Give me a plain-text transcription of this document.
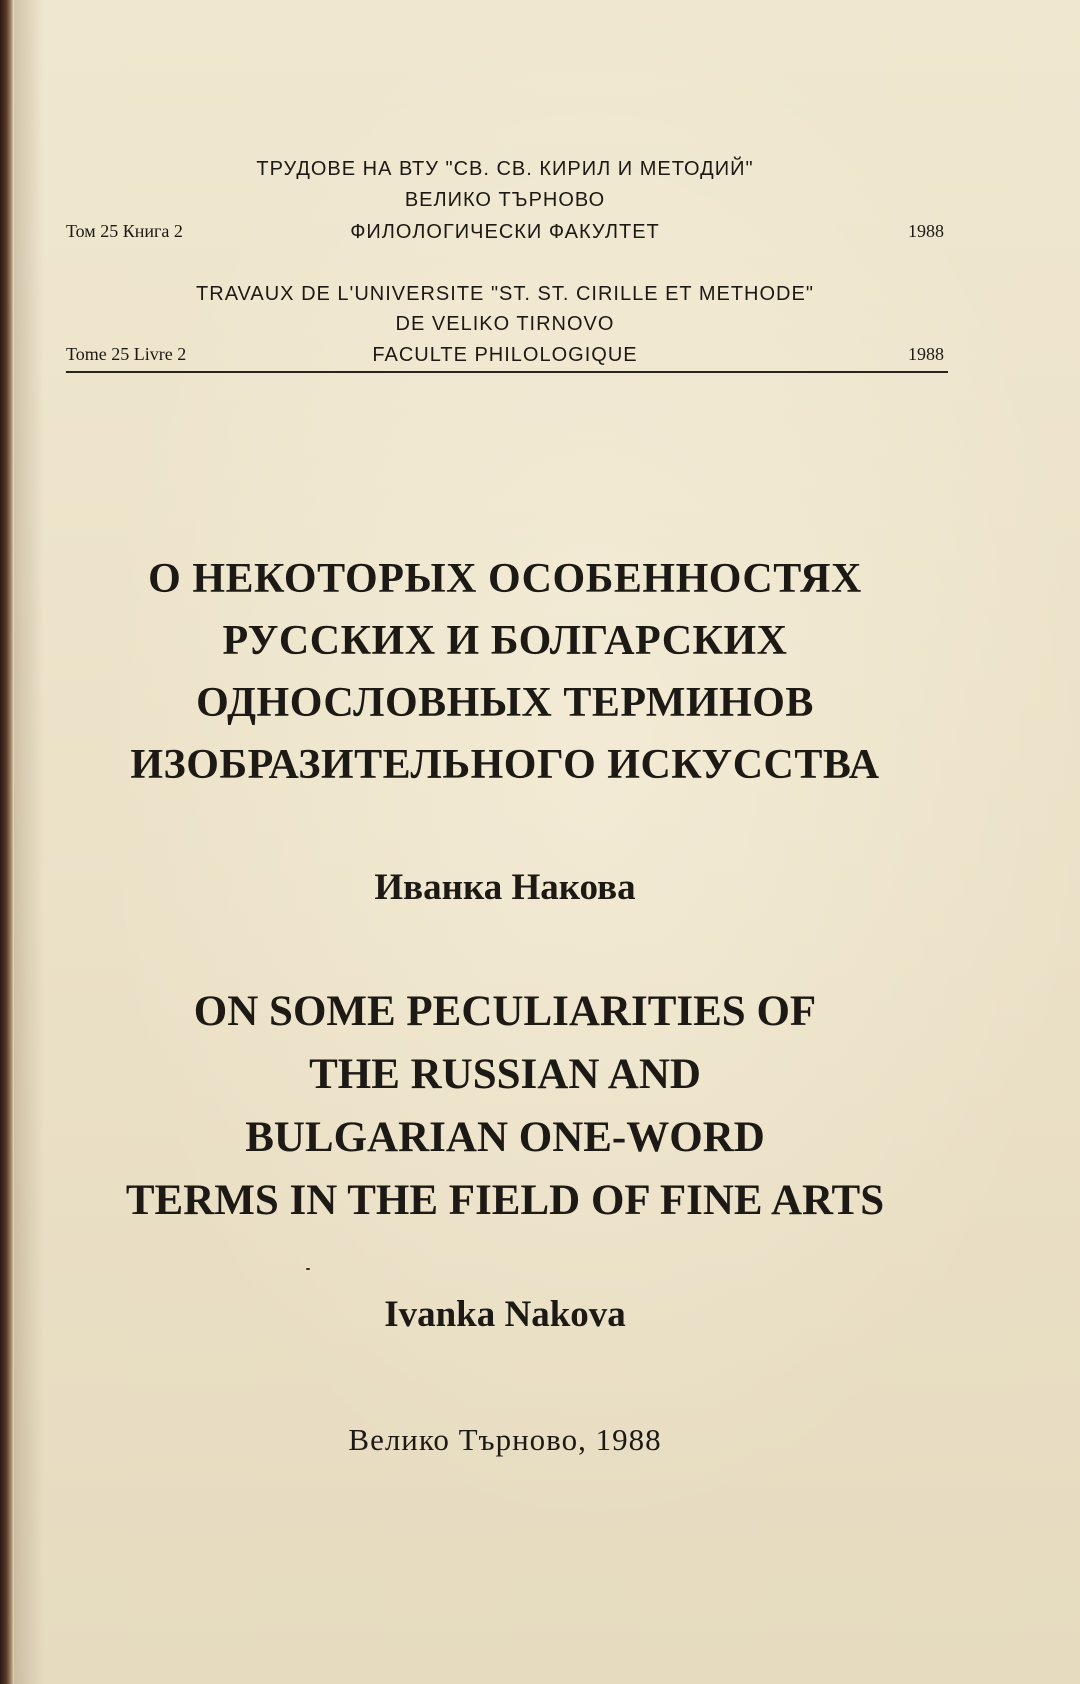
ТРУДОВЕ НА ВТУ "СВ. СВ. КИРИЛ И МЕТОДИЙ"
ВЕЛИКО ТЪРНОВО
Том 25 Книга 2	ФИЛОЛОГИЧЕСКИ ФАКУЛТЕТ	1988
TRAVAUX DE L'UNIVERSITE "ST. ST. CIRILLE ET METHODE"
DE VELIKO TIRNOVO
Tome 25 Livre 2	FACULTE PHILOLOGIQUE	1988
О НЕКОТОРЫХ ОСОБЕННОСТЯХ
РУССКИХ И БОЛГАРСКИХ
ОДНОСЛОВНЫХ ТЕРМИНОВ
ИЗОБРАЗИТЕЛЬНОГО ИСКУССТВА
Иванка Накова
ON SOME PECULIARITIES OF
THE RUSSIAN AND
BULGARIAN ONE-WORD
TERMS IN THE FIELD OF FINE ARTS
Ivanka Nakova
Велико Търново, 1988
